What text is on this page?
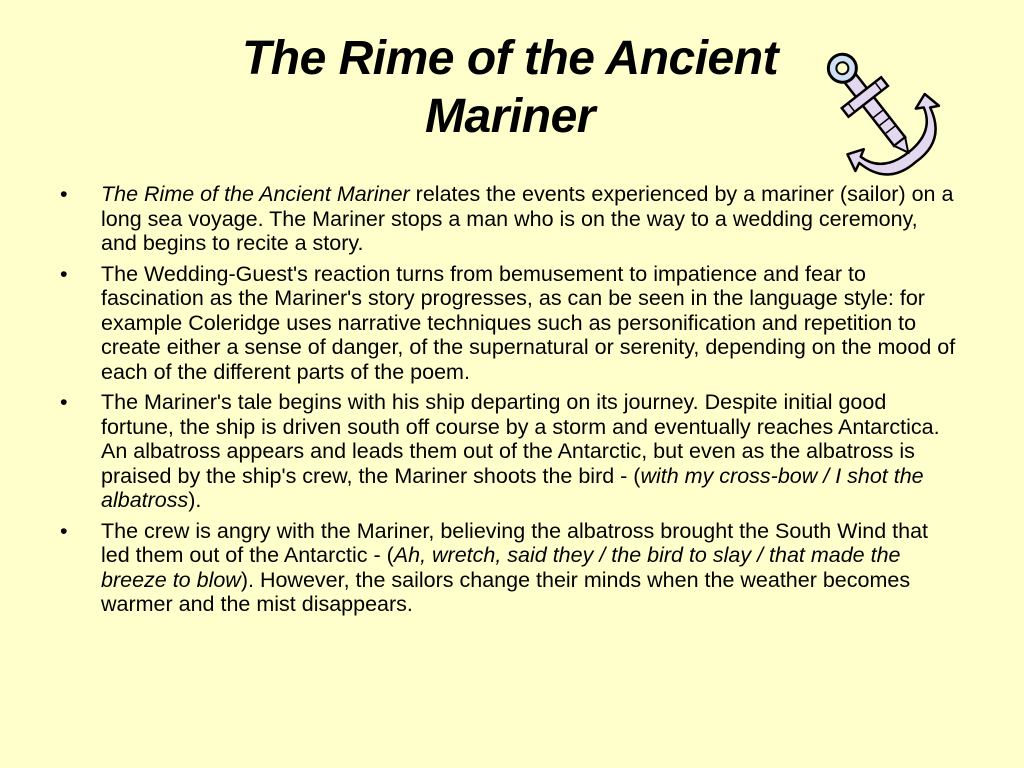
The Rime of the Ancient
Mariner
• The Rime of the Ancient Mariner relates the events experienced by a mariner (sailor) on a long sea voyage. The Mariner stops a man who is on the way to a wedding ceremony, and begins to recite a story.
• The Wedding-Guest's reaction turns from bemusement to impatience and fear to fascination as the Mariner's story progresses, as can be seen in the language style: for example Coleridge uses narrative techniques such as personification and repetition to create either a sense of danger, of the supernatural or serenity, depending on the mood of each of the different parts of the poem.
• The Mariner's tale begins with his ship departing on its journey. Despite initial good fortune, the ship is driven south off course by a storm and eventually reaches Antarctica. An albatross appears and leads them out of the Antarctic, but even as the albatross is praised by the ship's crew, the Mariner shoots the bird - (with my cross-bow / I shot the albatross).
• The crew is angry with the Mariner, believing the albatross brought the South Wind that led them out of the Antarctic - (Ah, wretch, said they / the bird to slay / that made the breeze to blow). However, the sailors change their minds when the weather becomes warmer and the mist disappears.
